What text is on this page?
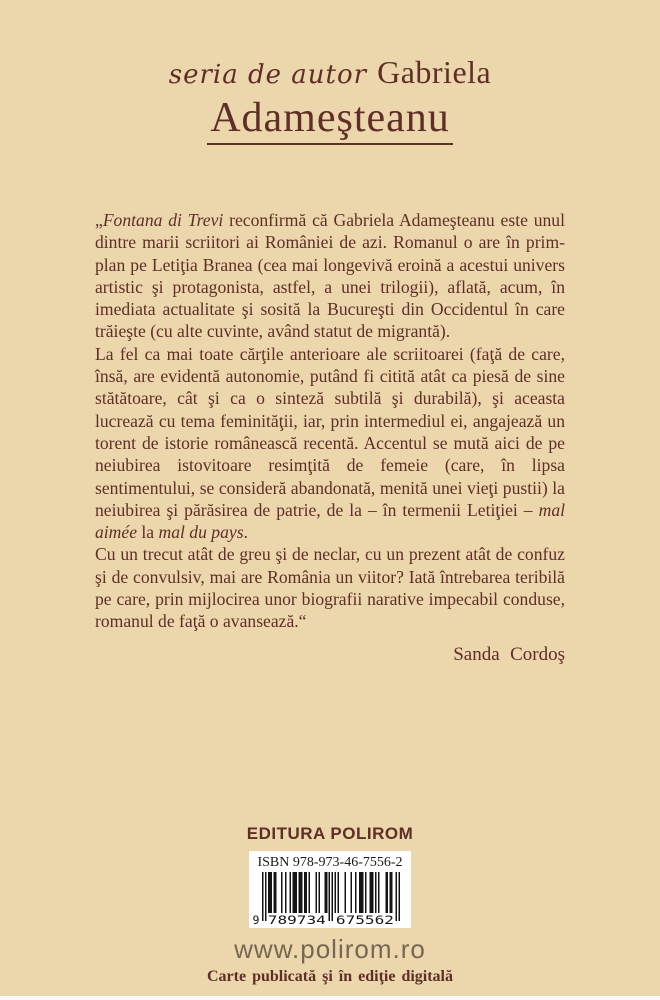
seria de autor Gabriela
Adameşteanu

„Fontana di Trevi reconfirmă că Gabriela Adameşteanu este unul dintre marii scriitori ai României de azi. Romanul o are în prim-plan pe Letiţia Branea (cea mai longevivă eroină a acestui univers artistic şi protagonista, astfel, a unei trilogii), aflată, acum, în imediata actualitate şi sosită la Bucureşti din Occidentul în care trăieşte (cu alte cuvinte, având statut de migrantă).

La fel ca mai toate cărţile anterioare ale scriitoarei (faţă de care, însă, are evidentă autonomie, putând fi citită atât ca piesă de sine stătătoare, cât şi ca o sinteză subtilă şi durabilă), şi aceasta lucrează cu tema feminităţii, iar, prin intermediul ei, angajează un torent de istorie românească recentă. Accentul se mută aici de pe neiubirea istovitoare resimţită de femeie (care, în lipsa sentimentului, se consideră abandonată, menită unei vieţi pustii) la neiubirea şi părăsirea de patrie, de la – în termenii Letiţiei – mal aimée la mal du pays.

Cu un trecut atât de greu şi de neclar, cu un prezent atât de confuz şi de convulsiv, mai are România un viitor? Iată întrebarea teribilă pe care, prin mijlocirea unor biografii narative impecabil conduse, romanul de faţă o avansează.“

Sanda Cordoş
EDITURA POLIROM
ISBN 978-973-46-7556-2
9 789734 675562
www.polirom.ro
Carte publicată şi în ediţie digitală
